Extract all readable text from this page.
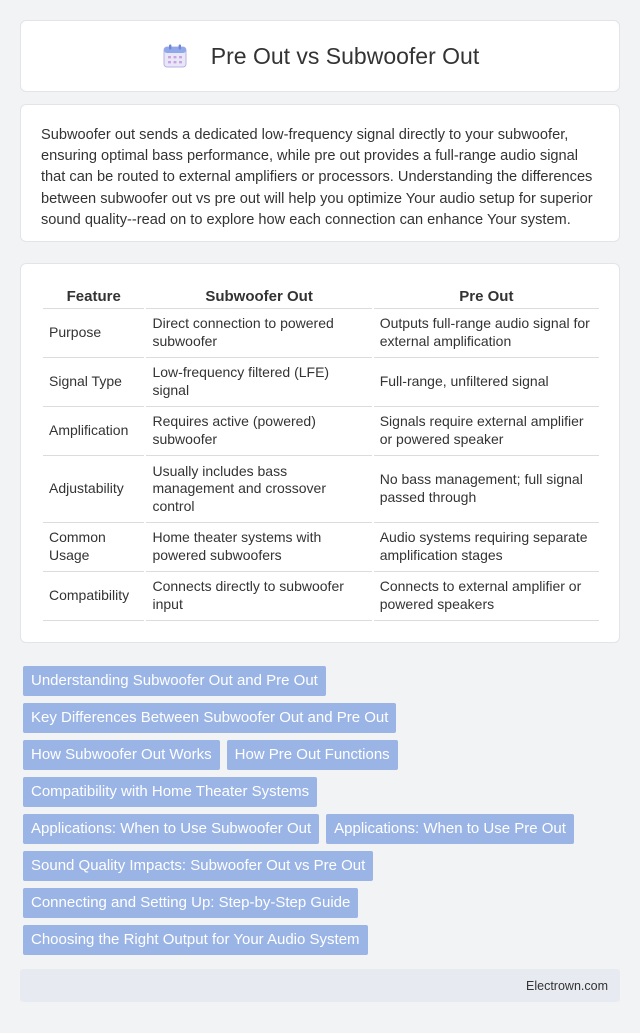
Pre Out vs Subwoofer Out

Subwoofer out sends a dedicated low-frequency signal directly to your subwoofer, ensuring optimal bass performance, while pre out provides a full-range audio signal that can be routed to external amplifiers or processors. Understanding the differences between subwoofer out vs pre out will help you optimize Your audio setup for superior sound quality--read on to explore how each connection can enhance Your system.

Feature	Subwoofer Out	Pre Out
Purpose	Direct connection to powered subwoofer	Outputs full-range audio signal for external amplification
Signal Type	Low-frequency filtered (LFE) signal	Full-range, unfiltered signal
Amplification	Requires active (powered) subwoofer	Signals require external amplifier or powered speaker
Adjustability	Usually includes bass management and crossover control	No bass management; full signal passed through
Common Usage	Home theater systems with powered subwoofers	Audio systems requiring separate amplification stages
Compatibility	Connects directly to subwoofer input	Connects to external amplifier or powered speakers
Understanding Subwoofer Out and Pre Out
Key Differences Between Subwoofer Out and Pre Out
How Subwoofer Out Works	How Pre Out Functions
Compatibility with Home Theater Systems
Applications: When to Use Subwoofer Out	Applications: When to Use Pre Out
Sound Quality Impacts: Subwoofer Out vs Pre Out
Connecting and Setting Up: Step-by-Step Guide
Choosing the Right Output for Your Audio System
Electrown.com
